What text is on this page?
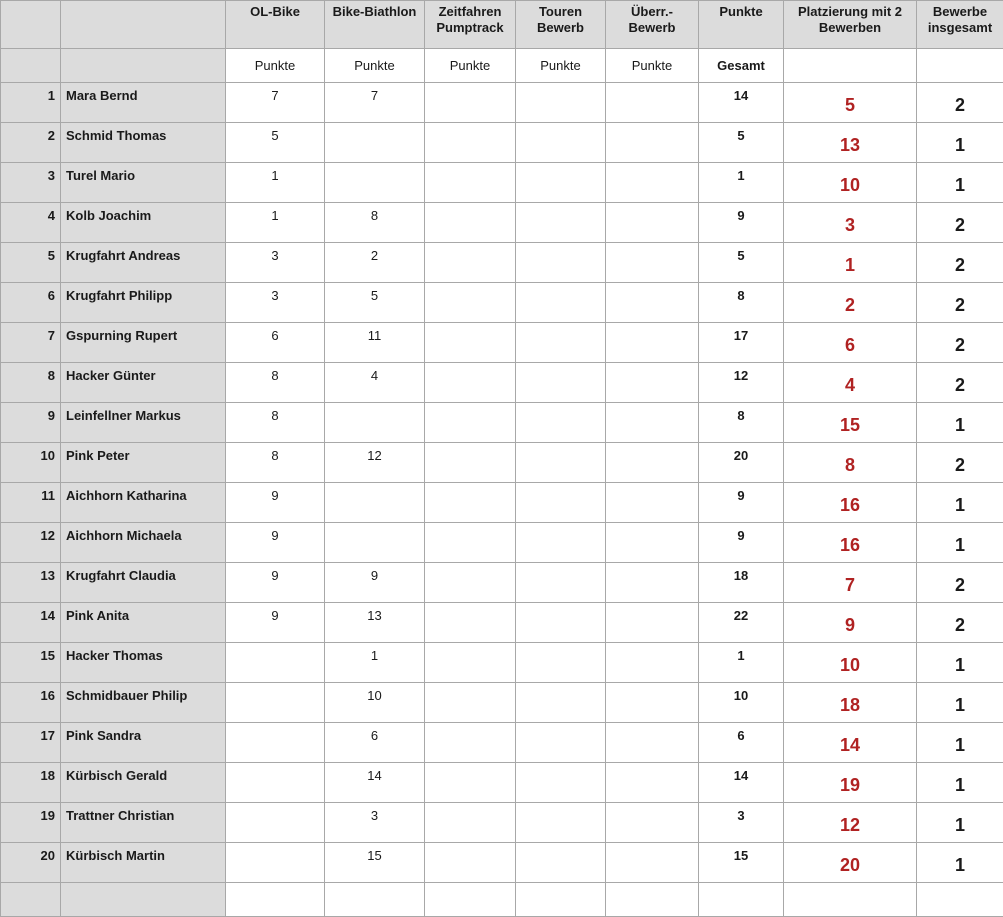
		OL-Bike	Bike-Biathlon	Zeitfahren Pumptrack	Touren Bewerb	Überr.- Bewerb	Punkte	Platzierung mit 2 Bewerben	Bewerbe insgesamt
		Punkte	Punkte	Punkte	Punkte	Punkte	Gesamt		
1	Mara Bernd	7	7				14	5	2
2	Schmid Thomas	5					5	13	1
3	Turel Mario	1					1	10	1
4	Kolb Joachim	1	8				9	3	2
5	Krugfahrt Andreas	3	2				5	1	2
6	Krugfahrt Philipp	3	5				8	2	2
7	Gspurning Rupert	6	11				17	6	2
8	Hacker Günter	8	4				12	4	2
9	Leinfellner Markus	8					8	15	1
10	Pink Peter	8	12				20	8	2
11	Aichhorn Katharina	9					9	16	1
12	Aichhorn Michaela	9					9	16	1
13	Krugfahrt Claudia	9	9				18	7	2
14	Pink Anita	9	13				22	9	2
15	Hacker Thomas		1				1	10	1
16	Schmidbauer Philip		10				10	18	1
17	Pink Sandra		6				6	14	1
18	Kürbisch Gerald		14				14	19	1
19	Trattner Christian		3				3	12	1
20	Kürbisch Martin		15				15	20	1
